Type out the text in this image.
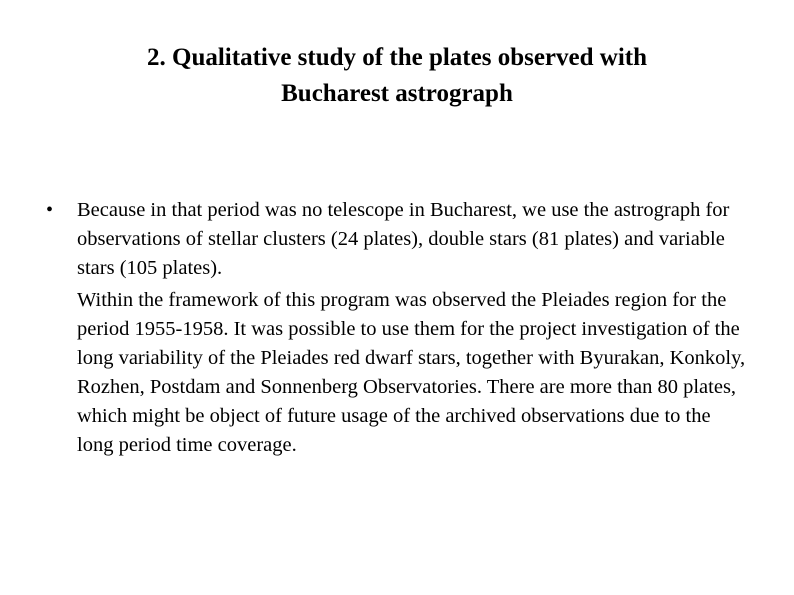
2. Qualitative study of the plates observed with
Bucharest astrograph
• Because in that period was no telescope in Bucharest, we use the astrograph for observations of stellar clusters (24 plates), double stars (81 plates) and variable stars (105 plates).

Within the framework of this program was observed the Pleiades region for the period 1955-1958. It was possible to use them for the project investigation of the long variability of the Pleiades red dwarf stars, together with Byurakan, Konkoly, Rozhen, Postdam and Sonnenberg Observatories. There are more than 80 plates, which might be object of future usage of the archived observations due to the long period time coverage.
